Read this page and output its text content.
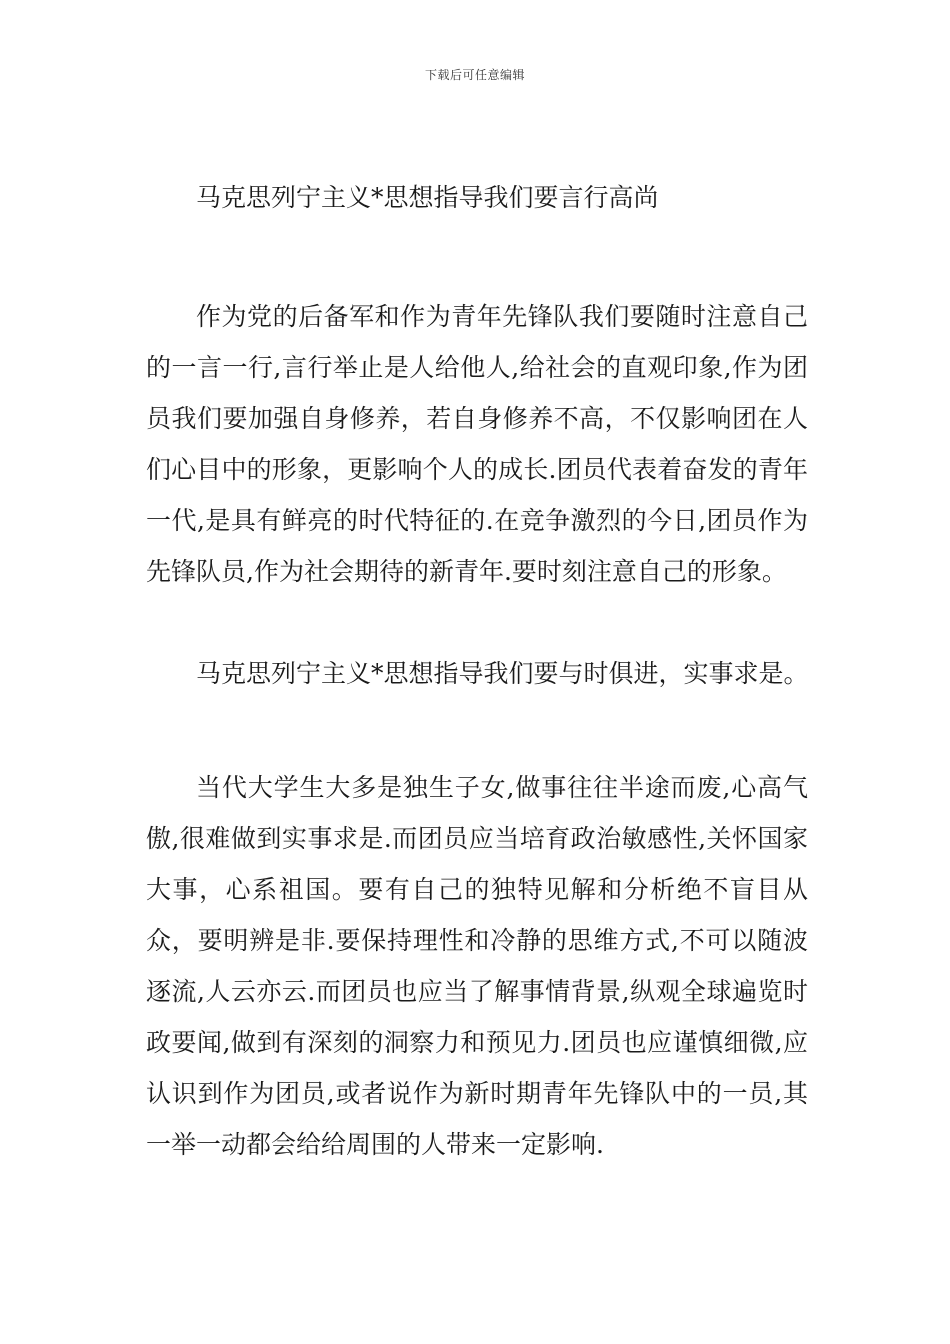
下载后可任意编辑
马克思列宁主义*思想指导我们要言行高尚

作为党的后备军和作为青年先锋队我们要随时注意自己的一言一行,言行举止是人给他人,给社会的直观印象,作为团员我们要加强自身修养，若自身修养不高，不仅影响团在人们心目中的形象，更影响个人的成长.团员代表着奋发的青年一代,是具有鲜亮的时代特征的.在竞争激烈的今日,团员作为先锋队员,作为社会期待的新青年.要时刻注意自己的形象。

马克思列宁主义*思想指导我们要与时俱进，实事求是。

当代大学生大多是独生子女,做事往往半途而废,心高气傲,很难做到实事求是.而团员应当培育政治敏感性,关怀国家大事，心系祖国。要有自己的独特见解和分析绝不盲目从众，要明辨是非.要保持理性和冷静的思维方式,不可以随波逐流,人云亦云.而团员也应当了解事情背景,纵观全球遍览时政要闻,做到有深刻的洞察力和预见力.团员也应谨慎细微,应认识到作为团员,或者说作为新时期青年先锋队中的一员,其一举一动都会给给周围的人带来一定影响.
